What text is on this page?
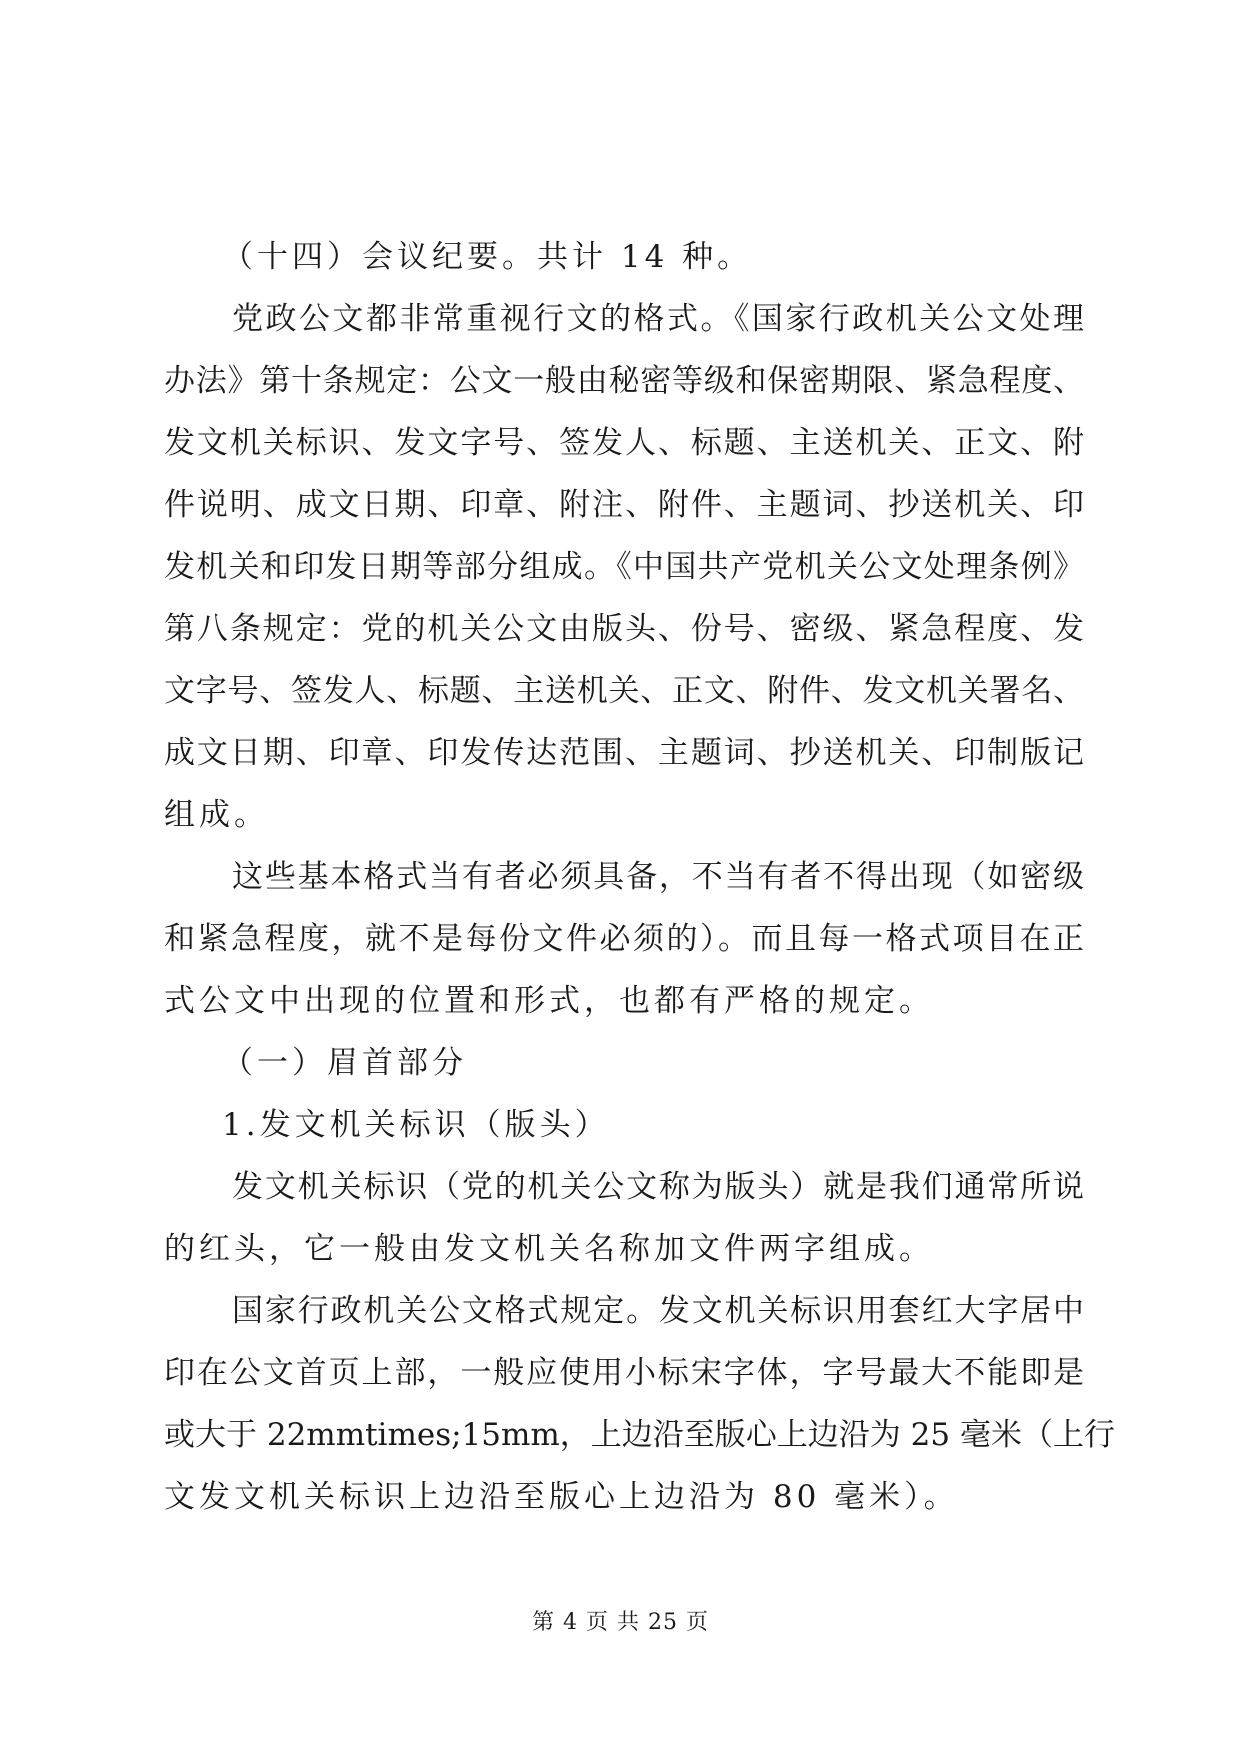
（十四）会议纪要。共计 14 种。
党政公文都非常重视行文的格式。《国家行政机关公文处理
办法》第十条规定：公文一般由秘密等级和保密期限、紧急程度、
发文机关标识、发文字号、签发人、标题、主送机关、正文、附
件说明、成文日期、印章、附注、附件、主题词、抄送机关、印
发机关和印发日期等部分组成。《中国共产党机关公文处理条例》
第八条规定：党的机关公文由版头、份号、密级、紧急程度、发
文字号、签发人、标题、主送机关、正文、附件、发文机关署名、
成文日期、印章、印发传达范围、主题词、抄送机关、印制版记
组成。
这些基本格式当有者必须具备，不当有者不得出现（如密级
和紧急程度，就不是每份文件必须的）。而且每一格式项目在正
式公文中出现的位置和形式，也都有严格的规定。
（一）眉首部分
1.发文机关标识（版头）
发文机关标识（党的机关公文称为版头）就是我们通常所说
的红头，它一般由发文机关名称加文件两字组成。
国家行政机关公文格式规定。发文机关标识用套红大字居中
印在公文首页上部，一般应使用小标宋字体，字号最大不能即是
或大于 22mmtimes;15mm，上边沿至版心上边沿为 25 毫米（上行
文发文机关标识上边沿至版心上边沿为 80 毫米）。
第 4 页 共 25 页
